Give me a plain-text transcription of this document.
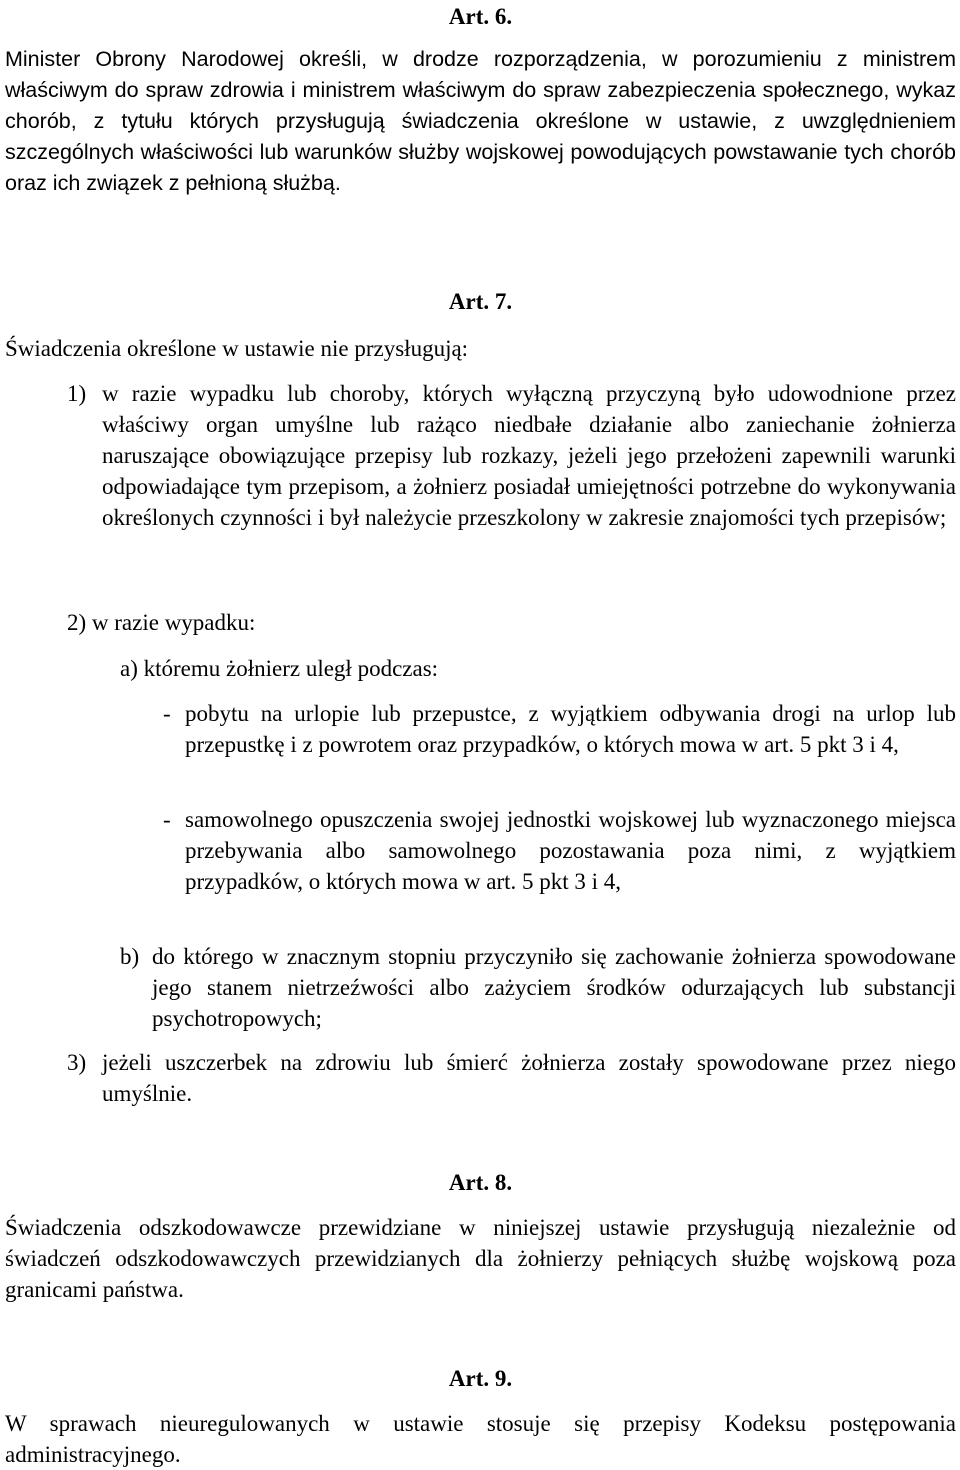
Art. 6.

Minister Obrony Narodowej określi, w drodze rozporządzenia, w porozumieniu z ministrem właściwym do spraw zdrowia i ministrem właściwym do spraw zabezpieczenia społecznego, wykaz chorób, z tytułu których przysługują świadczenia określone w ustawie, z uwzględnieniem szczególnych właściwości lub warunków służby wojskowej powodujących powstawanie tych chorób oraz ich związek z pełnioną służbą.

Art. 7.

Świadczenia określone w ustawie nie przysługują:

1) w razie wypadku lub choroby, których wyłączną przyczyną było udowodnione przez właściwy organ umyślne lub rażąco niedbałe działanie albo zaniechanie żołnierza naruszające obowiązujące przepisy lub rozkazy, jeżeli jego przełożeni zapewnili warunki odpowiadające tym przepisom, a żołnierz posiadał umiejętności potrzebne do wykonywania określonych czynności i był należycie przeszkolony w zakresie znajomości tych przepisów;

2) w razie wypadku:

a) któremu żołnierz uległ podczas:

- pobytu na urlopie lub przepustce, z wyjątkiem odbywania drogi na urlop lub przepustkę i z powrotem oraz przypadków, o których mowa w art. 5 pkt 3 i 4,

- samowolnego opuszczenia swojej jednostki wojskowej lub wyznaczonego miejsca przebywania albo samowolnego pozostawania poza nimi, z wyjątkiem przypadków, o których mowa w art. 5 pkt 3 i 4,

b) do którego w znacznym stopniu przyczyniło się zachowanie żołnierza spowodowane jego stanem nietrzeźwości albo zażyciem środków odurzających lub substancji psychotropowych;

3) jeżeli uszczerbek na zdrowiu lub śmierć żołnierza zostały spowodowane przez niego umyślnie.

Art. 8.

Świadczenia odszkodowawcze przewidziane w niniejszej ustawie przysługują niezależnie od świadczeń odszkodowawczych przewidzianych dla żołnierzy pełniących służbę wojskową poza granicami państwa.

Art. 9.

W sprawach nieuregulowanych w ustawie stosuje się przepisy Kodeksu postępowania administracyjnego.
